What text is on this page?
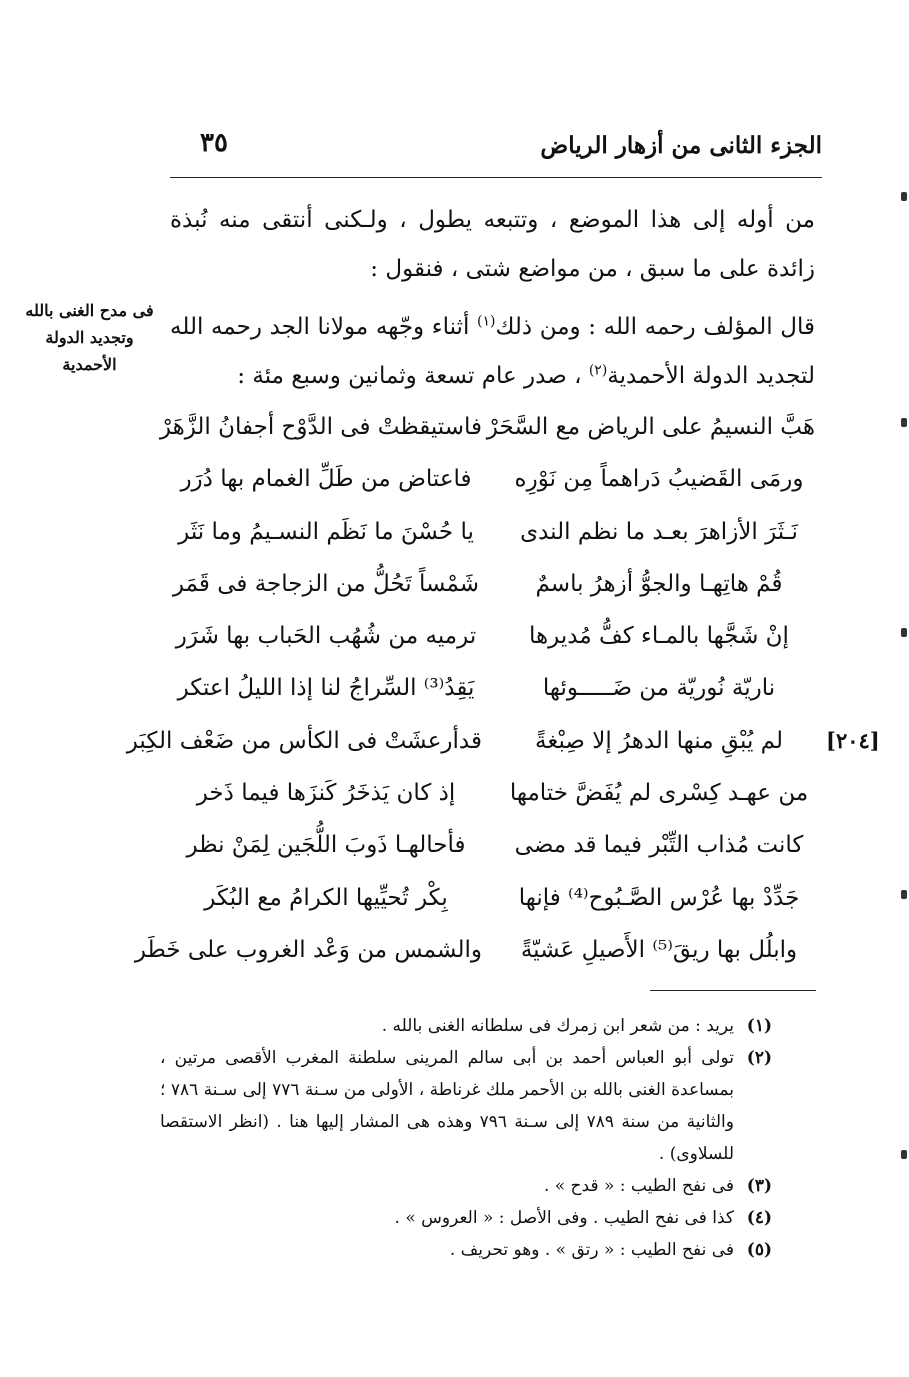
الجزء الثانى من أزهار الرياض
٣٥
فى مدح الغنى بالله وتجديد الدولة الأحمدية
[٢٠٤]

من أوله إلى هذا الموضع ، وتتبعه يطول ، ولـكنى أنتقى منه نُبذة زائدة على ما سبق ، من مواضع شتى ، فنقول :

قال المؤلف رحمه الله : ومن ذلك$^{(١)}$ أثناء وجّهه مولانا الجد رحمه الله لتجديد الدولة الأحمدية$^{(٢)}$ ، صدر عام تسعة وثمانين وسبع مئة :

هَبَّ النسيمُ على الرياض مع السَّحَرْ
فاستيقظتْ فى الدَّوْح أجفانُ الزَّهَرْ
ورمَى القَضيبُ دَراهماً مِن نَوْرِه
فاعتاض من طَلِّ الغمام بها دُرَر
نَـثَرَ الأزاهرَ بعـد ما نظم الندى
يا حُسْنَ ما نَظَم النسـيمُ وما نَثَر
قُمْ هاتِهـا والجوُّ أزهرُ باسمٌ
شَمْساً تَحُلُّ من الزجاجة فى قَمَر
إنْ شَجَّها بالمـاء كفُّ مُديرها
ترميه من شُهُب الحَباب بها شَرَر
ناريّة نُوريّة من ضَـــــوئها
يَقِدُ⁽³⁾ السِّراجُ لنا إذا الليلُ اعتكر
لم يُبْقِ منها الدهرُ إلا صِبْغةً
قدأرعشَتْ فى الكأس من ضَعْف الكِبَر
من عهـد كِسْرى لم يُفَضَّ ختامها
إذ كان يَذخَرُ كَنزَها فيما ذَخر
كانت مُذاب التِّبْر فيما قد مضى
فأحالهـا ذَوبَ اللُّجَين لِمَنْ نظر
جَدِّدْ بها عُرْس الصَّـبُوح⁽⁴⁾ فإنها
بِكْر تُحيِّيها الكرامُ مع البُكَر
وابلُل بها ريقَ⁽⁵⁾ الأَصيلِ عَشيّةً
والشمس من وَعْد الغروب على خَطَر
(١)
يريد : من شعر ابن زمرك فى سلطانه الغنى بالله .
(٢)
تولى أبو العباس أحمد بن أبى سالم المرينى سلطنة المغرب الأقصى مرتين ، بمساعدة الغنى بالله بن الأحمر ملك غرناطة ، الأولى من سـنة ٧٧٦ إلى سـنة ٧٨٦ ؛ والثانية من سنة ٧٨٩ إلى سـنة ٧٩٦ وهذه هى المشار إليها هنا . (انظر الاستقصا للسلاوى) .
(٣)
فى نفح الطيب : « قدح » .
(٤)
كذا فى نفح الطيب . وفى الأصل : « العروس » .
(٥)
فى نفح الطيب : « رتق » . وهو تحريف .
